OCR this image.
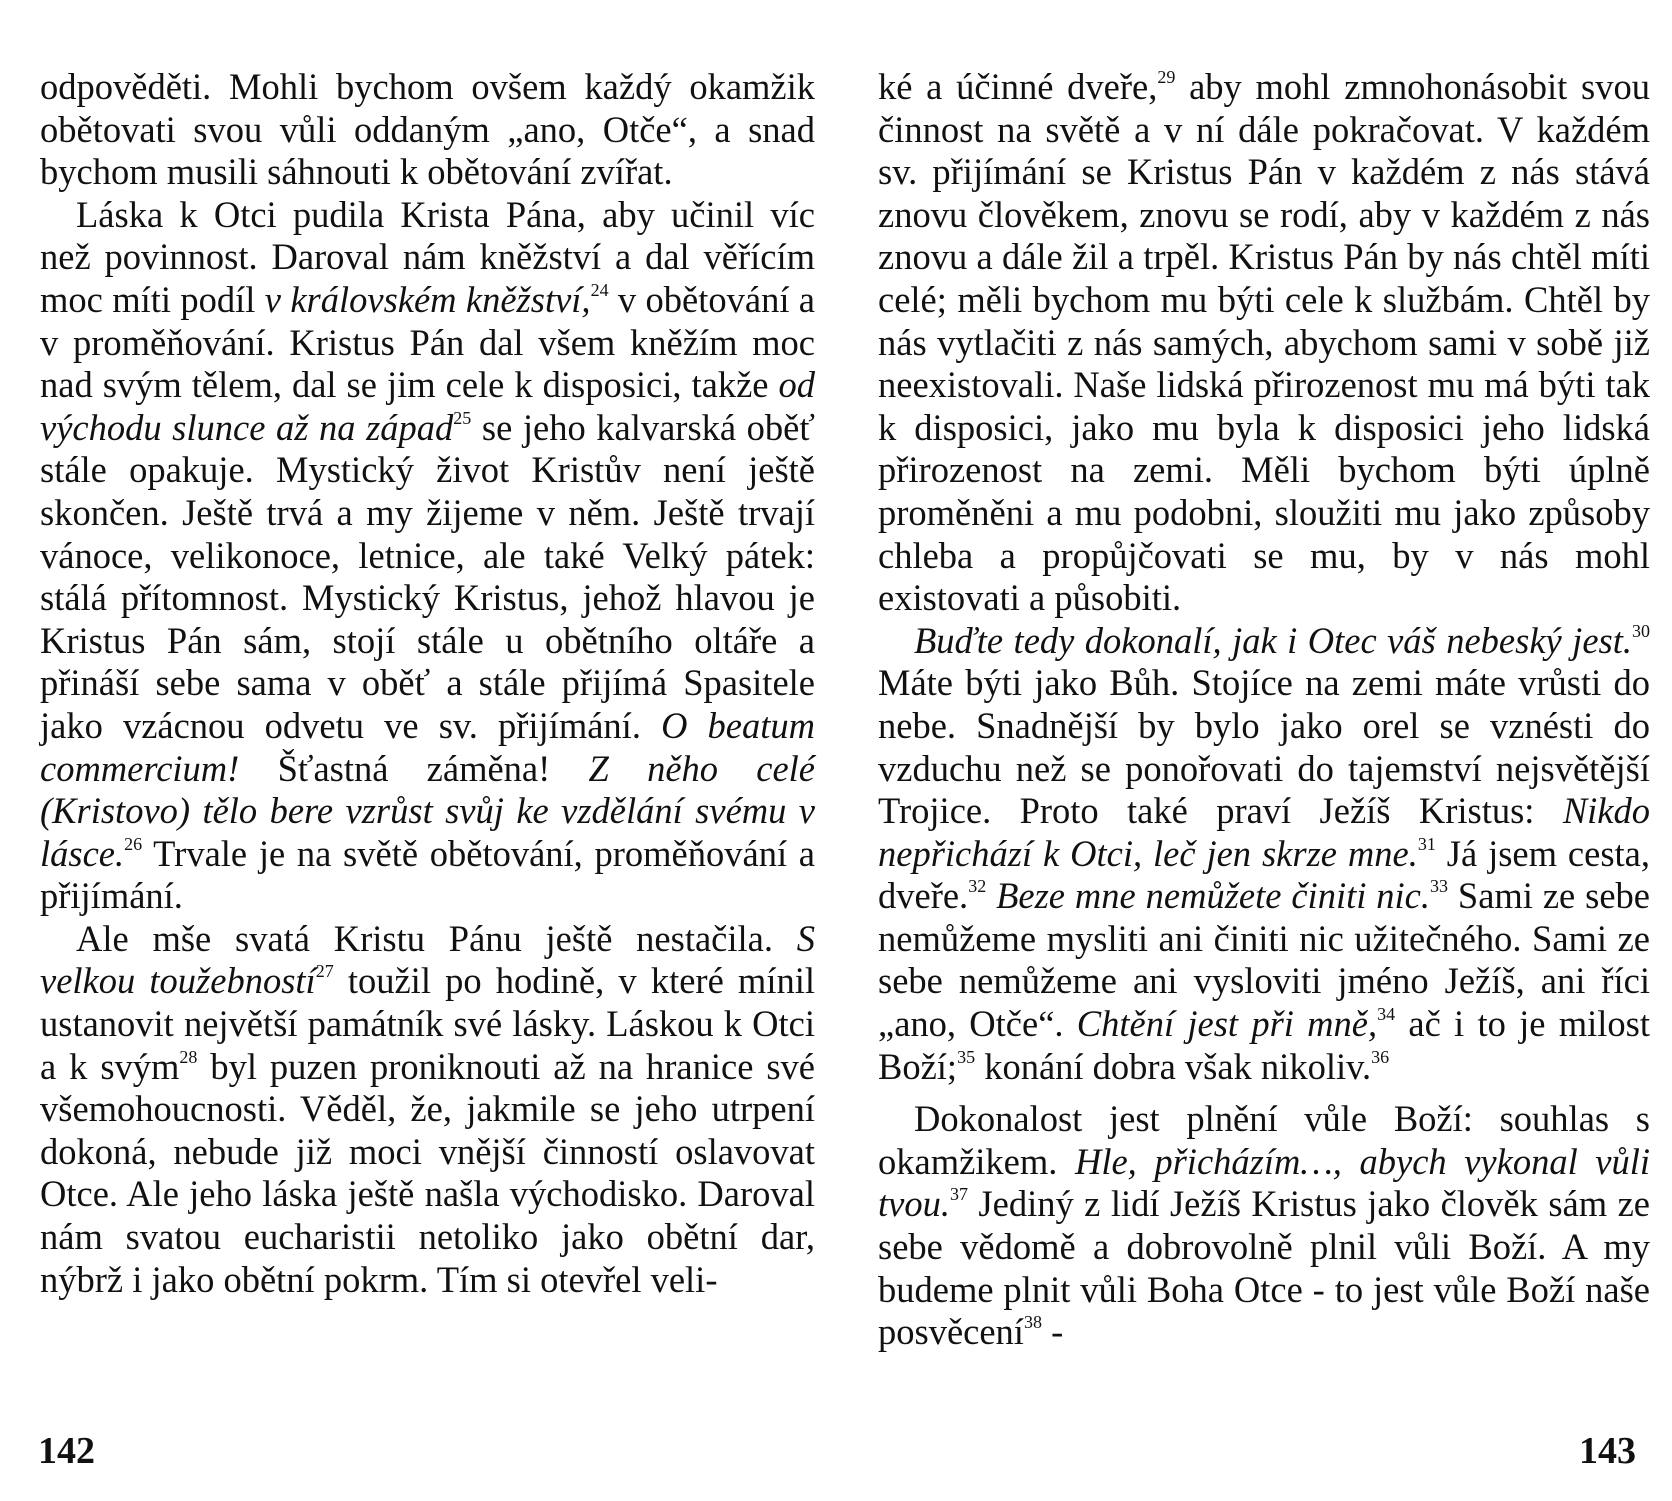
odpověděti. Mohli bychom ovšem každý okamžik obětovati svou vůli oddaným „ano, Otče“, a snad bychom musili sáhnouti k obětování zvířat.

Láska k Otci pudila Krista Pána, aby učinil víc než povinnost. Daroval nám kněžství a dal věřícím moc míti podíl v královském kněžství,$^{24}$ v obětování a v proměňování. Kristus Pán dal všem kněžím moc nad svým tělem, dal se jim cele k disposici, takže od východu slunce až na západ$^{25}$ se jeho kalvarská oběť stále opakuje. Mystický život Kristův není ještě skončen. Ještě trvá a my žijeme v něm. Ještě trvají vánoce, velikonoce, letnice, ale také Velký pátek: stálá přítomnost. Mystický Kristus, jehož hlavou je Kristus Pán sám, stojí stále u obětního oltáře a přináší sebe sama v oběť a stále přijímá Spasitele jako vzácnou odvetu ve sv. přijímání. O beatum commercium! Šťastná záměna! Z něho celé (Kristovo) tělo bere vzrůst svůj ke vzdělání svému v lásce.$^{26}$ Trvale je na světě obětování, proměňování a přijímání.

Ale mše svatá Kristu Pánu ještě nestačila. S velkou toužebností$^{27}$ toužil po hodině, v které mínil ustanovit největší památník své lásky. Láskou k Otci a k svým$^{28}$ byl puzen proniknouti až na hranice své všemohoucnosti. Věděl, že, jakmile se jeho utrpení dokoná, nebude již moci vnější činností oslavovat Otce. Ale jeho láska ještě našla východisko. Daroval nám svatou eucharistii netoliko jako obětní dar, nýbrž i jako obětní pokrm. Tím si otevřel veli-

ké a účinné dveře,$^{29}$ aby mohl zmnohonásobit svou činnost na světě a v ní dále pokračovat. V každém sv. přijímání se Kristus Pán v každém z nás stává znovu člověkem, znovu se rodí, aby v každém z nás znovu a dále žil a trpěl. Kristus Pán by nás chtěl míti celé; měli bychom mu býti cele k službám. Chtěl by nás vytlačiti z nás samých, abychom sami v sobě již neexistovali. Naše lidská přirozenost mu má býti tak k disposici, jako mu byla k disposici jeho lidská přirozenost na zemi. Měli bychom býti úplně proměněni a mu podobni, sloužiti mu jako způsoby chleba a propůjčovati se mu, by v nás mohl existovati a působiti.

Buďte tedy dokonalí, jak i Otec váš nebeský jest.$^{30}$ Máte býti jako Bůh. Stojíce na zemi máte vrůsti do nebe. Snadnější by bylo jako orel se vznésti do vzduchu než se ponořovati do tajemství nejsvětější Trojice. Proto také praví Ježíš Kristus: Nikdo nepřichází k Otci, leč jen skrze mne.$^{31}$ Já jsem cesta, dveře.$^{32}$ Beze mne nemůžete činiti nic.$^{33}$ Sami ze sebe nemůžeme mysliti ani činiti nic užitečného. Sami ze sebe nemůžeme ani vysloviti jméno Ježíš, ani říci „ano, Otče“. Chtění jest při mně,$^{34}$ ač i to je milost Boží;$^{35}$ konání dobra však nikoliv.$^{36}$

Dokonalost jest plnění vůle Boží: souhlas s okamžikem. Hle, přicházím…, abych vykonal vůli tvou.$^{37}$ Jediný z lidí Ježíš Kristus jako člověk sám ze sebe vědomě a dobrovolně plnil vůli Boží. A my budeme plnit vůli Boha Otce - to jest vůle Boží naše posvěcení$^{38}$ -

142	143
